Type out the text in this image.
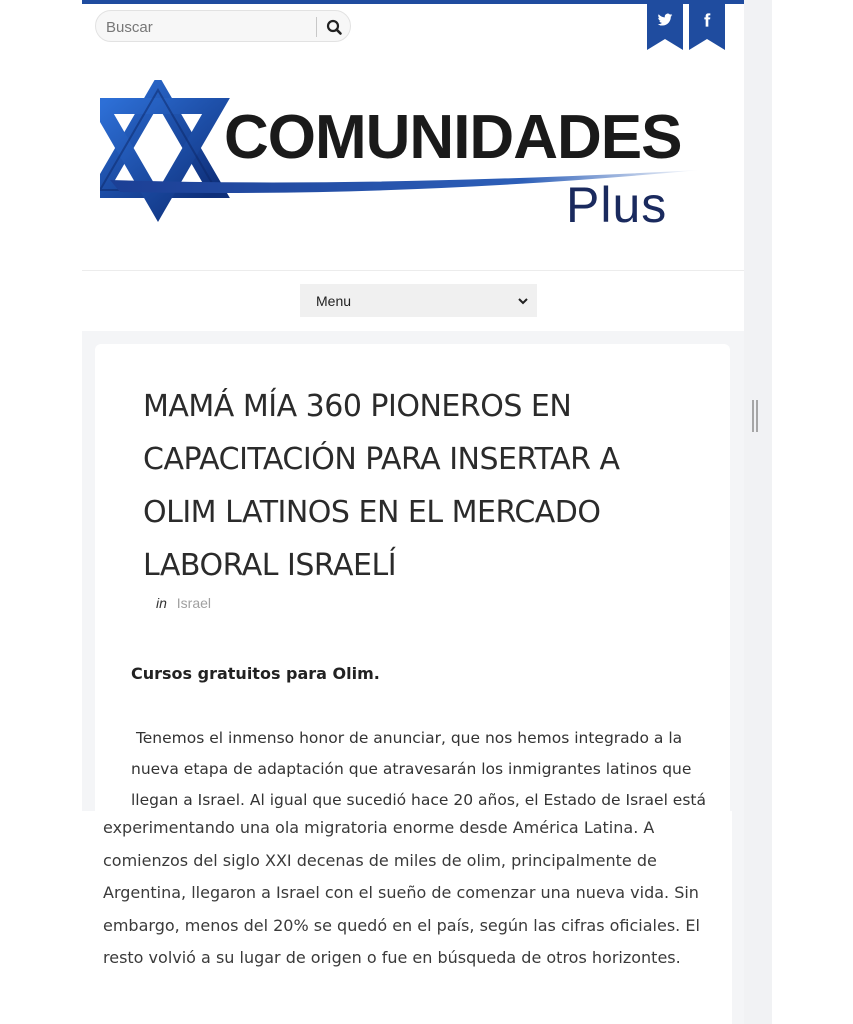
Buscar
COMUNIDADES
Plus
Menu
MAMÁ MÍA 360 PIONEROS EN CAPACITACIÓN PARA INSERTAR A OLIM LATINOS EN EL MERCADO LABORAL ISRAELÍ
in Israel

Cursos gratuitos para Olim.

Tenemos el inmenso honor de anunciar, que nos hemos integrado a la nueva etapa de adaptación que atravesarán los inmigrantes latinos que llegan a Israel. Al igual que sucedió hace 20 años, el Estado de Israel está

experimentando una ola migratoria enorme desde América Latina. A comienzos del siglo XXI decenas de miles de olim, principalmente de Argentina, llegaron a Israel con el sueño de comenzar una nueva vida. Sin embargo, menos del 20% se quedó en el país, según las cifras oficiales. El resto volvió a su lugar de origen o fue en búsqueda de otros horizontes.
